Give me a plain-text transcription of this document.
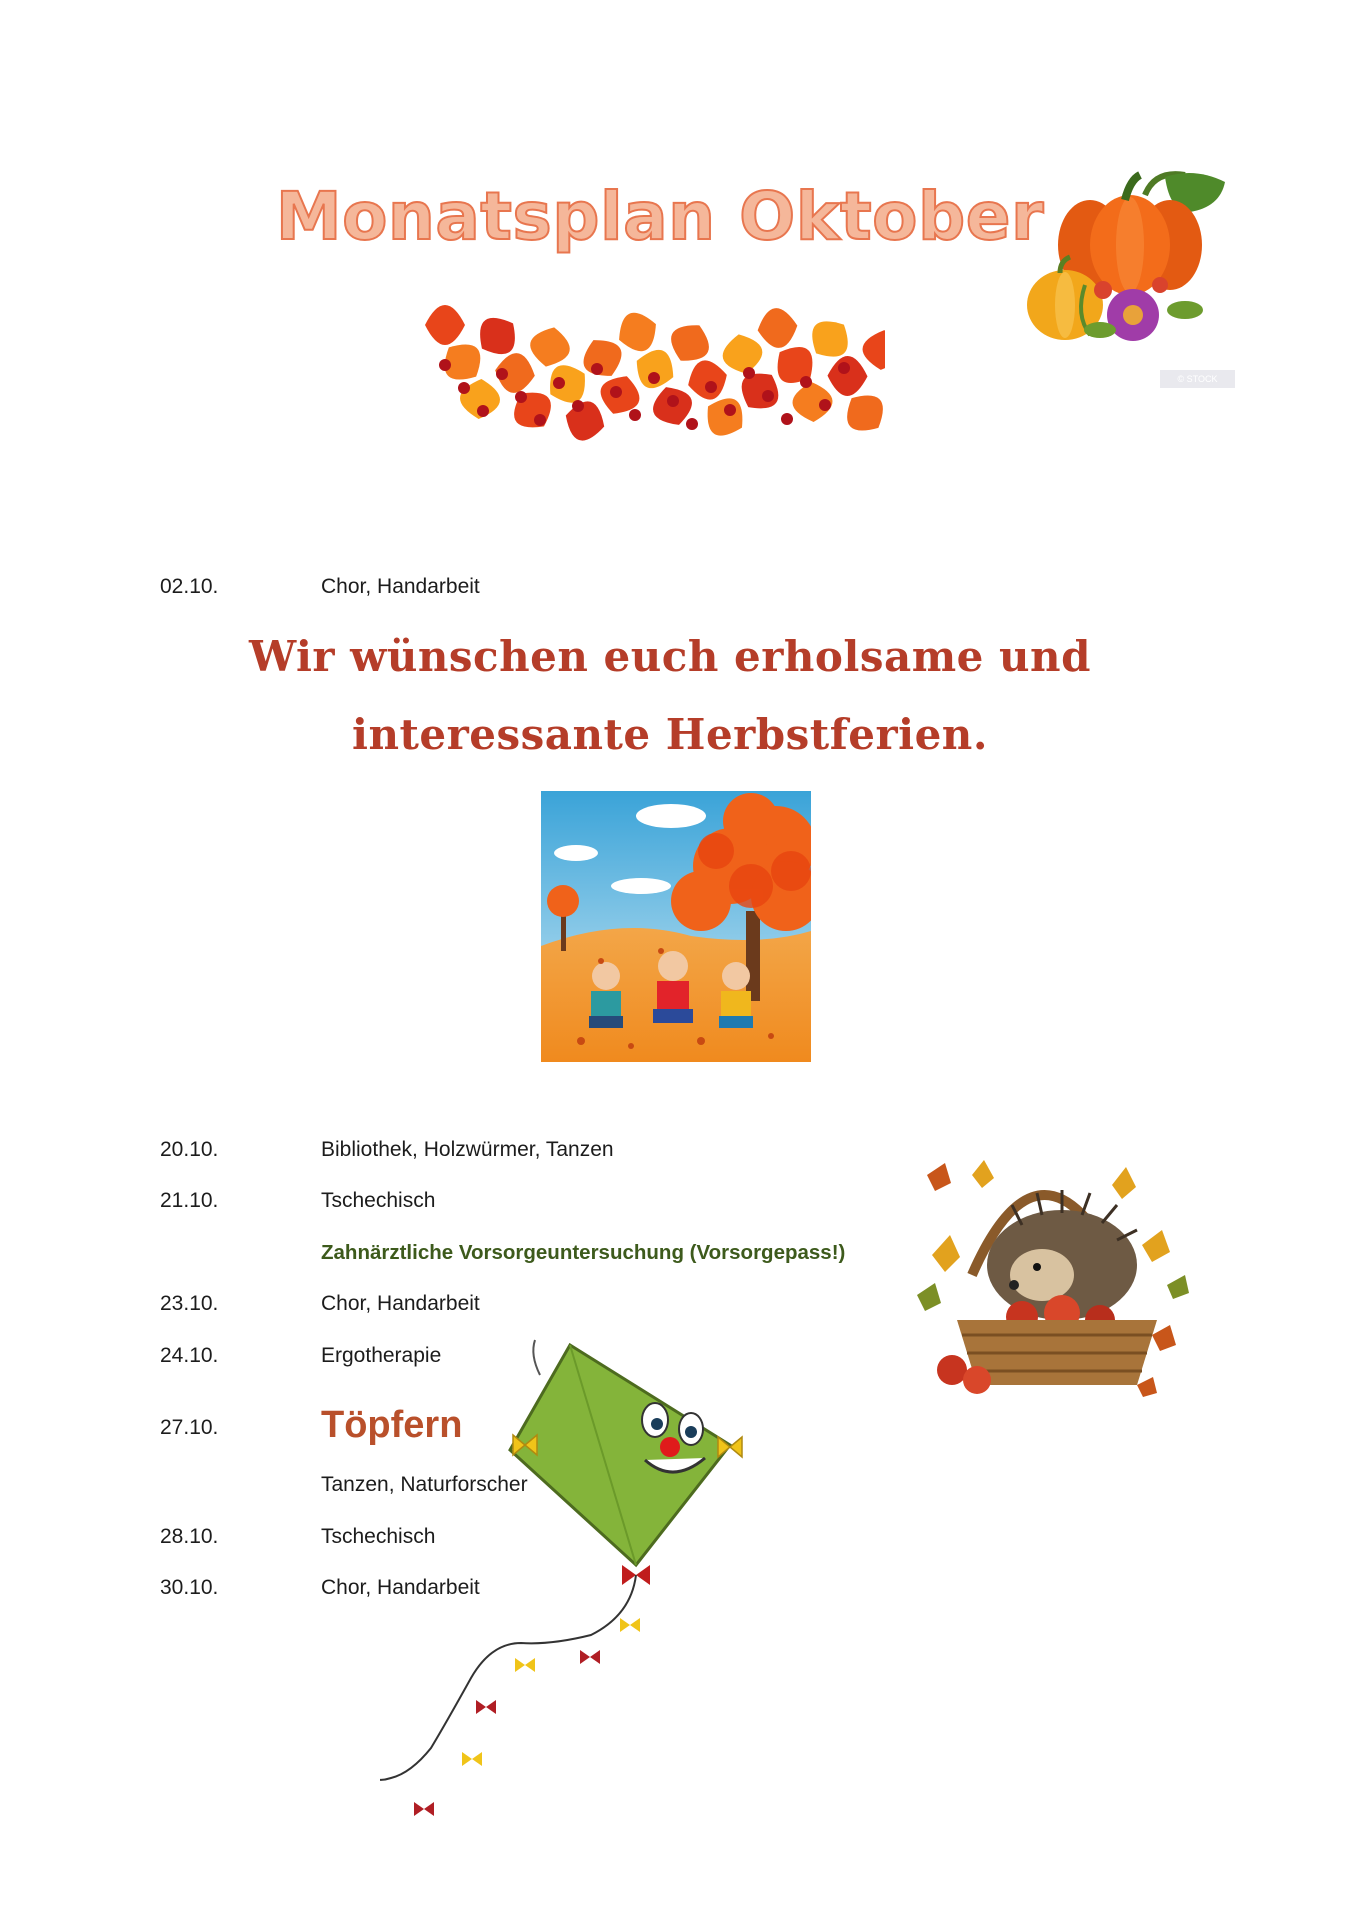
Monatsplan Oktober
© STOCK
02.10.	Chor, Handarbeit
Wir wünschen euch erholsame und
interessante Herbstferien.
20.10.	Bibliothek, Holzwürmer, Tanzen
21.10.	Tschechisch
Zahnärztliche Vorsorgeuntersuchung (Vorsorgepass!)
23.10.	Chor, Handarbeit
24.10.	Ergotherapie
27.10.	Töpfern
Tanzen, Naturforscher
28.10.	Tschechisch
30.10.	Chor, Handarbeit
